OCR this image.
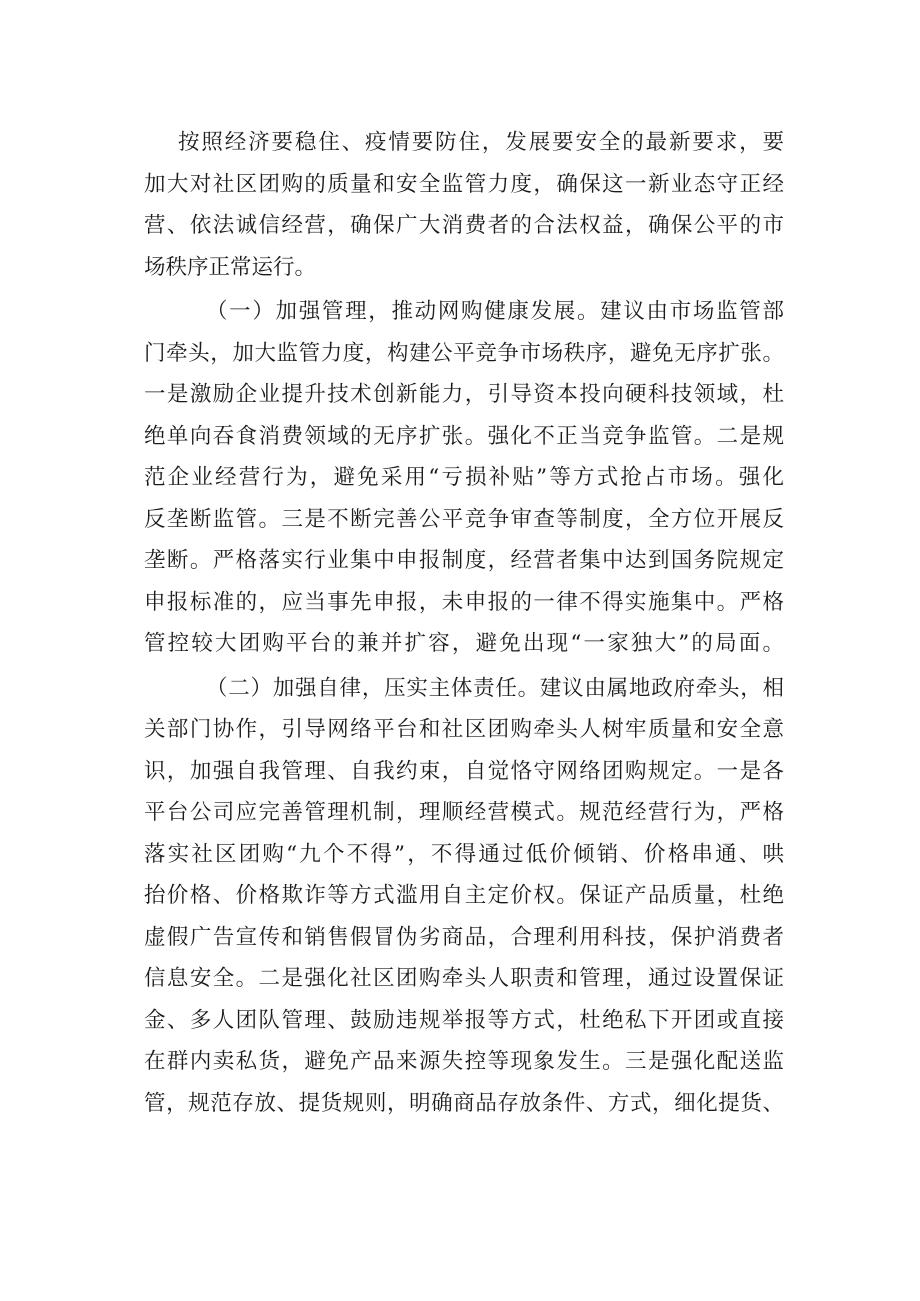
按照经济要稳住、疫情要防住，发展要安全的最新要求，要
加大对社区团购的质量和安全监管力度，确保这一新业态守正经
营、依法诚信经营，确保广大消费者的合法权益，确保公平的市
场秩序正常运行。
（一）加强管理，推动网购健康发展。建议由市场监管部
门牵头，加大监管力度，构建公平竞争市场秩序，避免无序扩张。
一是激励企业提升技术创新能力，引导资本投向硬科技领域，杜
绝单向吞食消费领域的无序扩张。强化不正当竞争监管。二是规
范企业经营行为，避免采用“亏损补贴”等方式抢占市场。强化
反垄断监管。三是不断完善公平竞争审查等制度，全方位开展反
垄断。严格落实行业集中申报制度，经营者集中达到国务院规定
申报标准的，应当事先申报，未申报的一律不得实施集中。严格
管控较大团购平台的兼并扩容，避免出现“一家独大”的局面。
（二）加强自律，压实主体责任。建议由属地政府牵头，相
关部门协作，引导网络平台和社区团购牵头人树牢质量和安全意
识，加强自我管理、自我约束，自觉恪守网络团购规定。一是各
平台公司应完善管理机制，理顺经营模式。规范经营行为，严格
落实社区团购“九个不得”，不得通过低价倾销、价格串通、哄
抬价格、价格欺诈等方式滥用自主定价权。保证产品质量，杜绝
虚假广告宣传和销售假冒伪劣商品，合理利用科技，保护消费者
信息安全。二是强化社区团购牵头人职责和管理，通过设置保证
金、多人团队管理、鼓励违规举报等方式，杜绝私下开团或直接
在群内卖私货，避免产品来源失控等现象发生。三是强化配送监
管，规范存放、提货规则，明确商品存放条件、方式，细化提货、
